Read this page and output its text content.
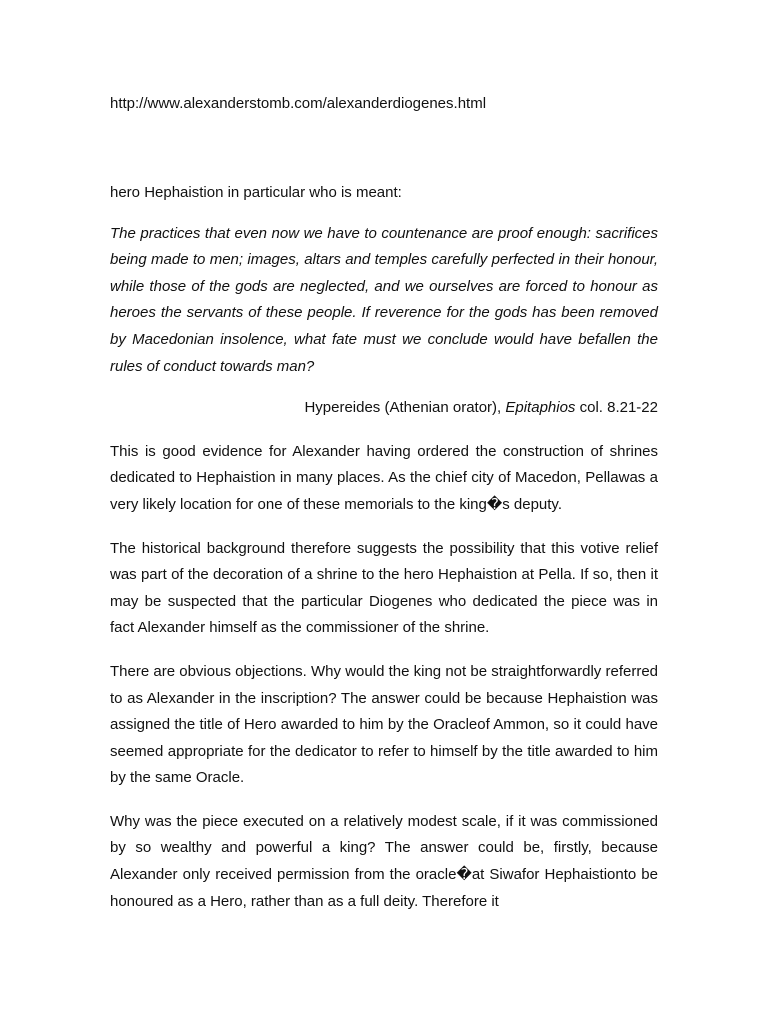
http://www.alexanderstomb.com/alexanderdiogenes.html

hero Hephaistion in particular who is meant:

The practices that even now we have to countenance are proof enough: sacrifices being made to men; images, altars and temples carefully perfected in their honour, while those of the gods are neglected, and we ourselves are forced to honour as heroes the servants of these people. If reverence for the gods has been removed by Macedonian insolence, what fate must we conclude would have befallen the rules of conduct towards man?

Hypereides (Athenian orator), Epitaphios col. 8.21-22

This is good evidence for Alexander having ordered the construction of shrines dedicated to Hephaistion in many places. As the chief city of Macedon, Pellawas a very likely location for one of these memorials to the king�s deputy.

The historical background therefore suggests the possibility that this votive relief was part of the decoration of a shrine to the hero Hephaistion at Pella. If so, then it may be suspected that the particular Diogenes who dedicated the piece was in fact Alexander himself as the commissioner of the shrine.

There are obvious objections. Why would the king not be straightforwardly referred to as Alexander in the inscription? The answer could be because Hephaistion was assigned the title of Hero awarded to him by the Oracleof Ammon, so it could have seemed appropriate for the dedicator to refer to himself by the title awarded to him by the same Oracle.

Why was the piece executed on a relatively modest scale, if it was commissioned by so wealthy and powerful a king? The answer could be, firstly, because Alexander only received permission from the oracle�at Siwafor Hephaistionto be honoured as a Hero, rather than as a full deity. Therefore it
